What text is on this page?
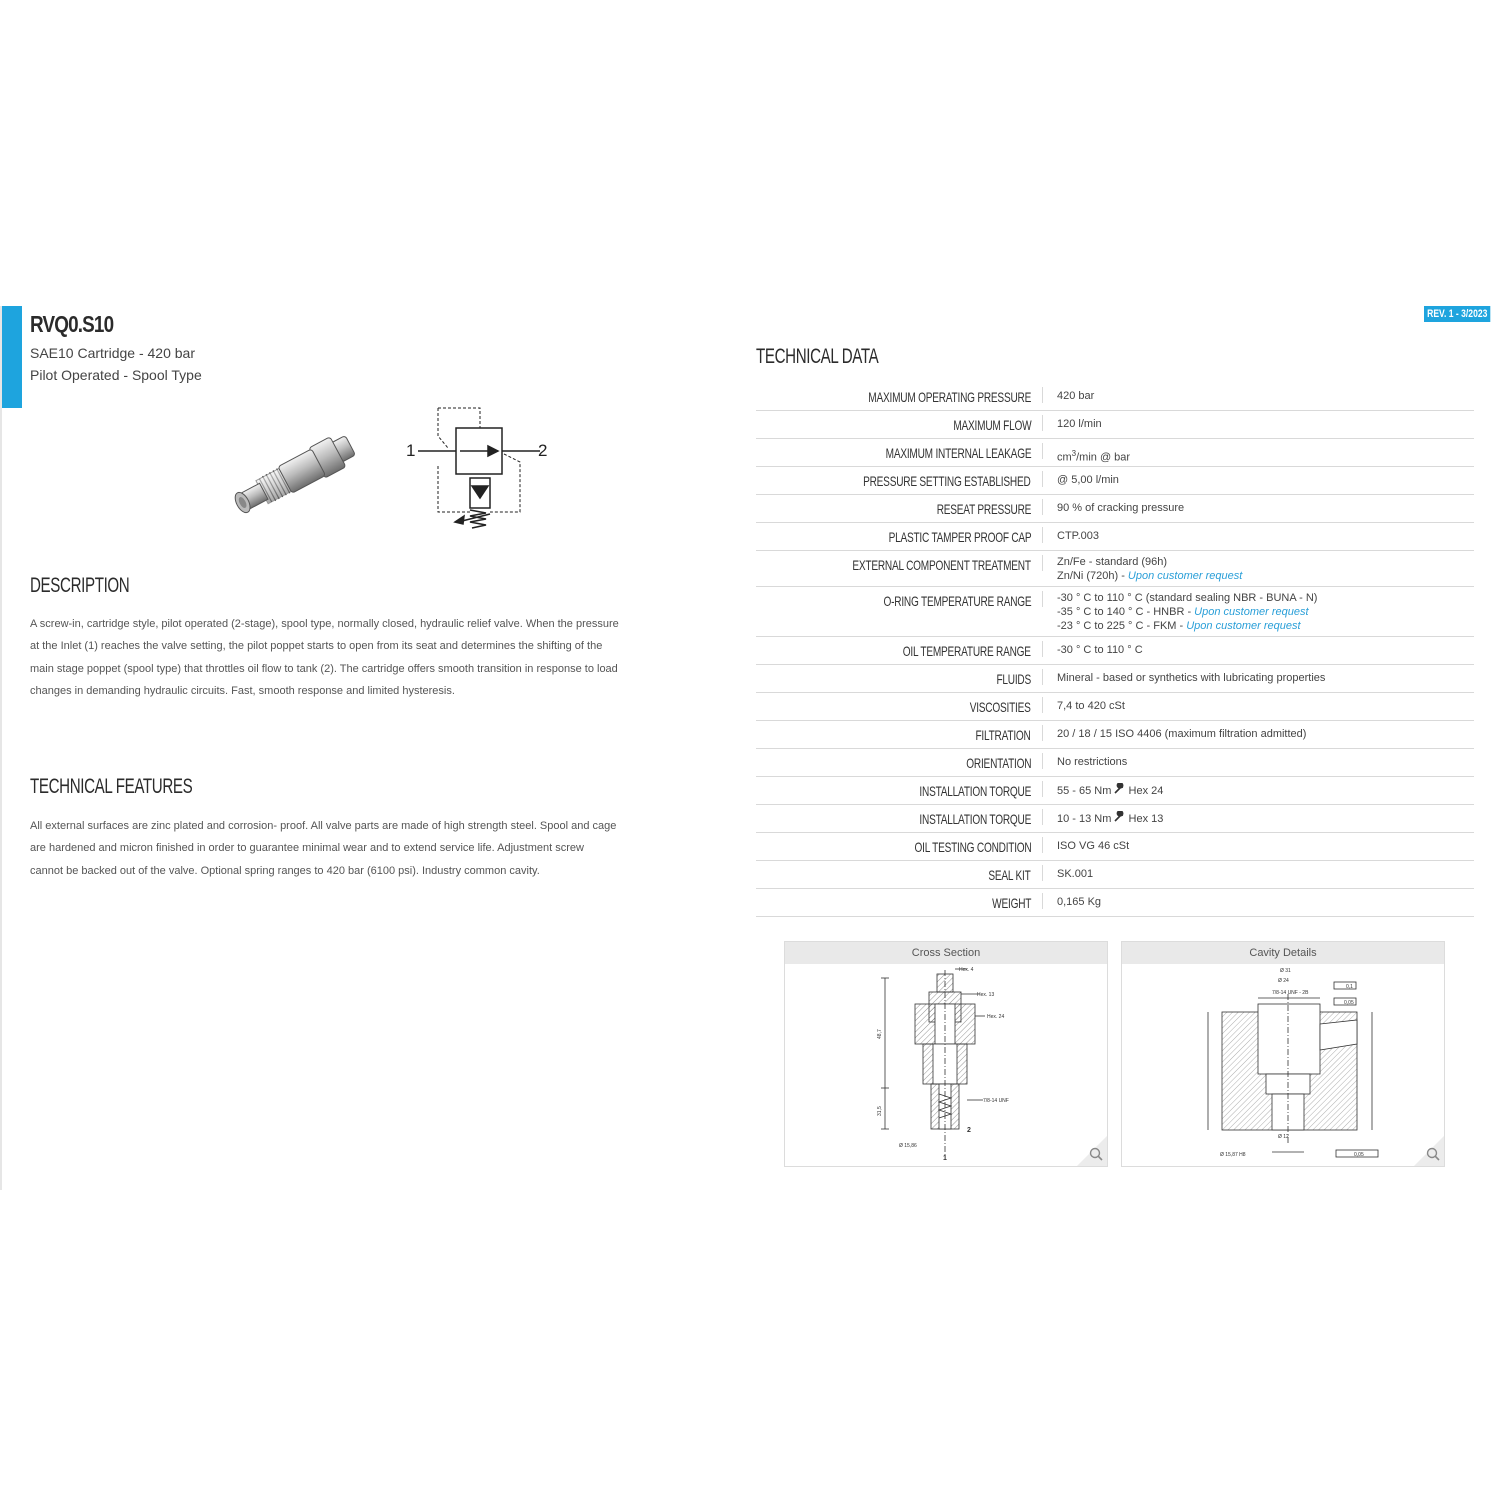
RVQ0.S10
SAE10 Cartridge - 420 bar
Pilot Operated - Spool Type
REV. 1 - 3/2023
1	2
DESCRIPTION
A screw-in, cartridge style, pilot operated (2-stage), spool type, normally closed, hydraulic relief valve. When the pressure at the Inlet (1) reaches the valve setting, the pilot poppet starts to open from its seat and determines the shifting of the main stage poppet (spool type) that throttles oil flow to tank (2). The cartridge offers smooth transition in response to load changes in demanding hydraulic circuits. Fast, smooth response and limited hysteresis.
TECHNICAL FEATURES
All external surfaces are zinc plated and corrosion- proof. All valve parts are made of high strength steel. Spool and cage are hardened and micron finished in order to guarantee minimal wear and to extend service life. Adjustment screw cannot be backed out of the valve. Optional spring ranges to 420 bar (6100 psi). Industry common cavity.
TECHNICAL DATA
MAXIMUM OPERATING PRESSURE 420 bar
MAXIMUM FLOW 120 l/min
MAXIMUM INTERNAL LEAKAGE $cm^3/\min$ @ bar
PRESSURE SETTING ESTABLISHED @ 5,00 l/min
RESEAT PRESSURE 90 % of cracking pressure
PLASTIC TAMPER PROOF CAP CTP.003
EXTERNAL COMPONENT TREATMENT Zn/Fe - standard (96h)
Zn/Ni (720h) - Upon customer request
O-RING TEMPERATURE RANGE -30 ° C to 110 ° C (standard sealing NBR - BUNA - N)
-35 ° C to 140 ° C - HNBR - Upon customer request
-23 ° C to 225 ° C - FKM - Upon customer request
OIL TEMPERATURE RANGE -30 ° C to 110 ° C
FLUIDS Mineral - based or synthetics with lubricating properties
VISCOSITIES 7,4 to 420 cSt
FILTRATION 20 / 18 / 15 ISO 4406 (maximum filtration admitted)
ORIENTATION No restrictions
INSTALLATION TORQUE 55 - 65 Nm  Hex 24
INSTALLATION TORQUE 10 - 13 Nm  Hex 13
OIL TESTING CONDITION ISO VG 46 cSt
SEAL KIT SK.001
WEIGHT 0,165 Kg
Cross Section
Hex. 4
Hex. 13
Hex. 24
7/8-14 UNF
2
1
48,7
31,5
Ø 15,86
Cavity Details
Ø 31
Ø 24
7/8-14 UNF - 2B
0,1
0,05
0,05
Ø 15,87 H8
Ø 12
